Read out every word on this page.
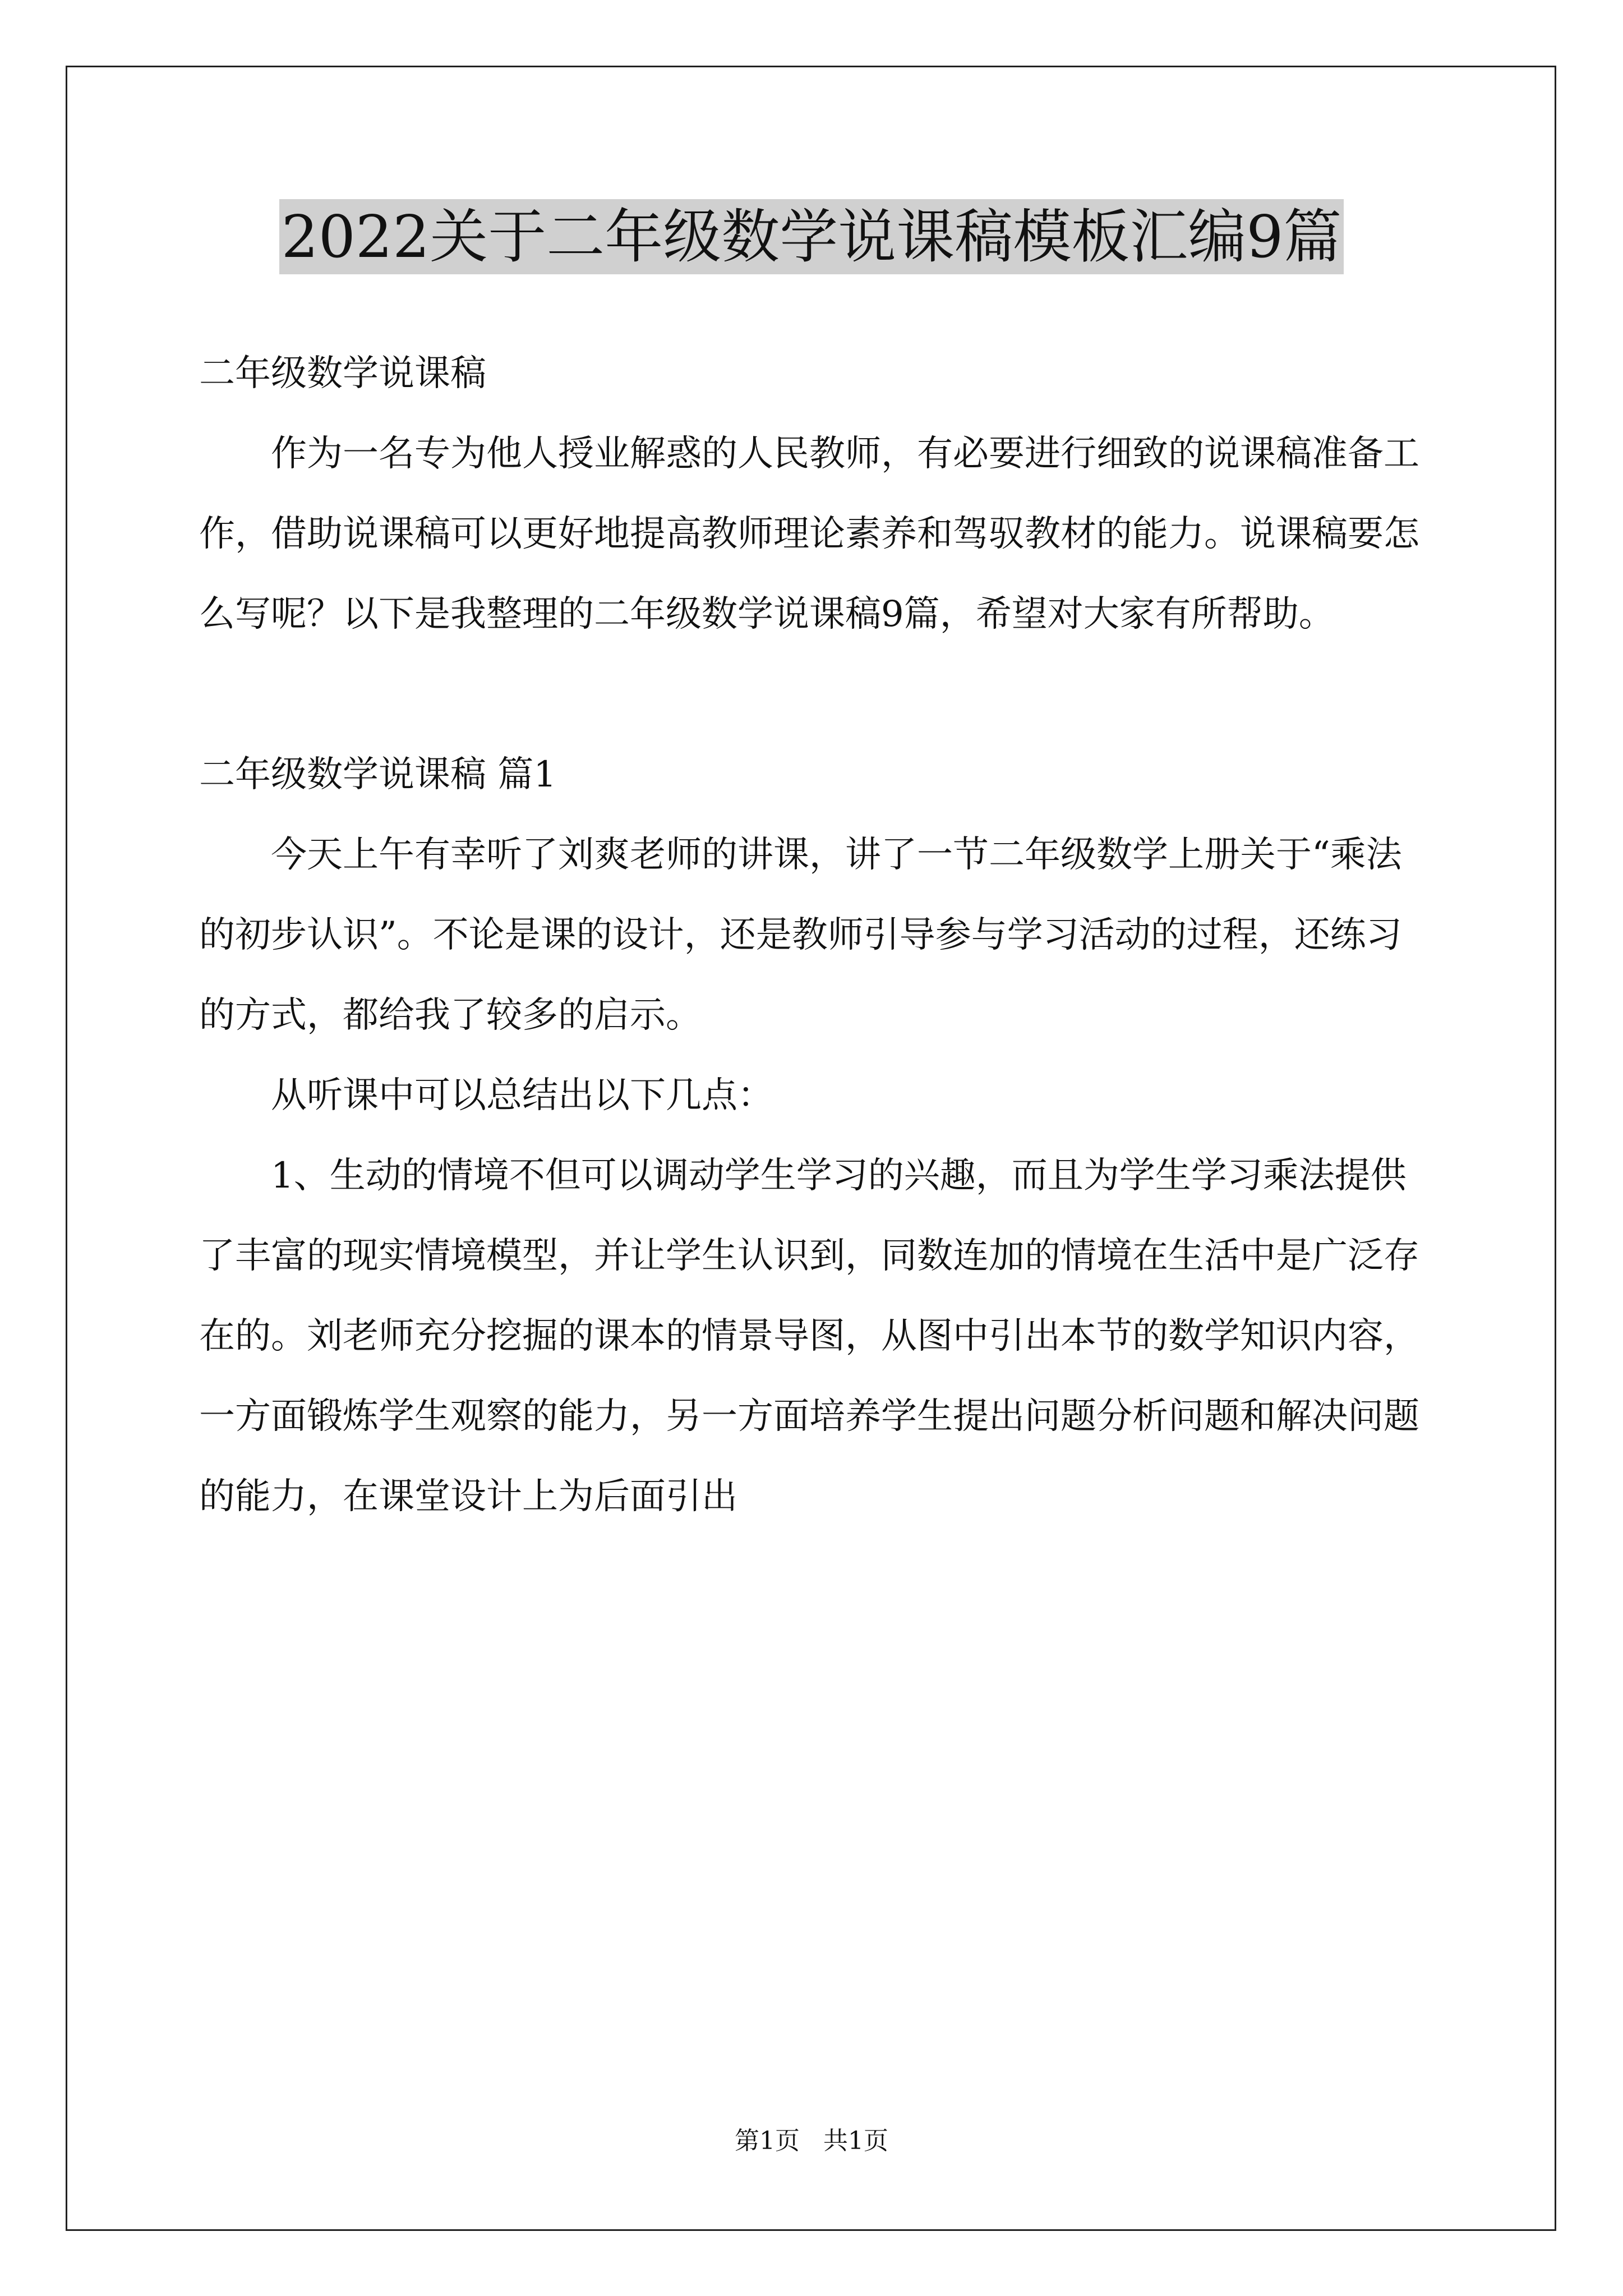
2022关于二年级数学说课稿模板汇编9篇

二年级数学说课稿

作为一名专为他人授业解惑的人民教师，有必要进行细致的说课稿准备工作，借助说课稿可以更好地提高教师理论素养和驾驭教材的能力。说课稿要怎么写呢？以下是我整理的二年级数学说课稿9篇，希望对大家有所帮助。

二年级数学说课稿 篇1

今天上午有幸听了刘爽老师的讲课，讲了一节二年级数学上册关于“乘法的初步认识”。不论是课的设计，还是教师引导参与学习活动的过程，还练习的方式，都给我了较多的启示。

从听课中可以总结出以下几点：

1、生动的情境不但可以调动学生学习的兴趣，而且为学生学习乘法提供了丰富的现实情境模型，并让学生认识到，同数连加的情境在生活中是广泛存在的。刘老师充分挖掘的课本的情景导图，从图中引出本节的数学知识内容，一方面锻炼学生观察的能力，另一方面培养学生提出问题分析问题和解决问题的能力，在课堂设计上为后面引出

第1页   共1页
